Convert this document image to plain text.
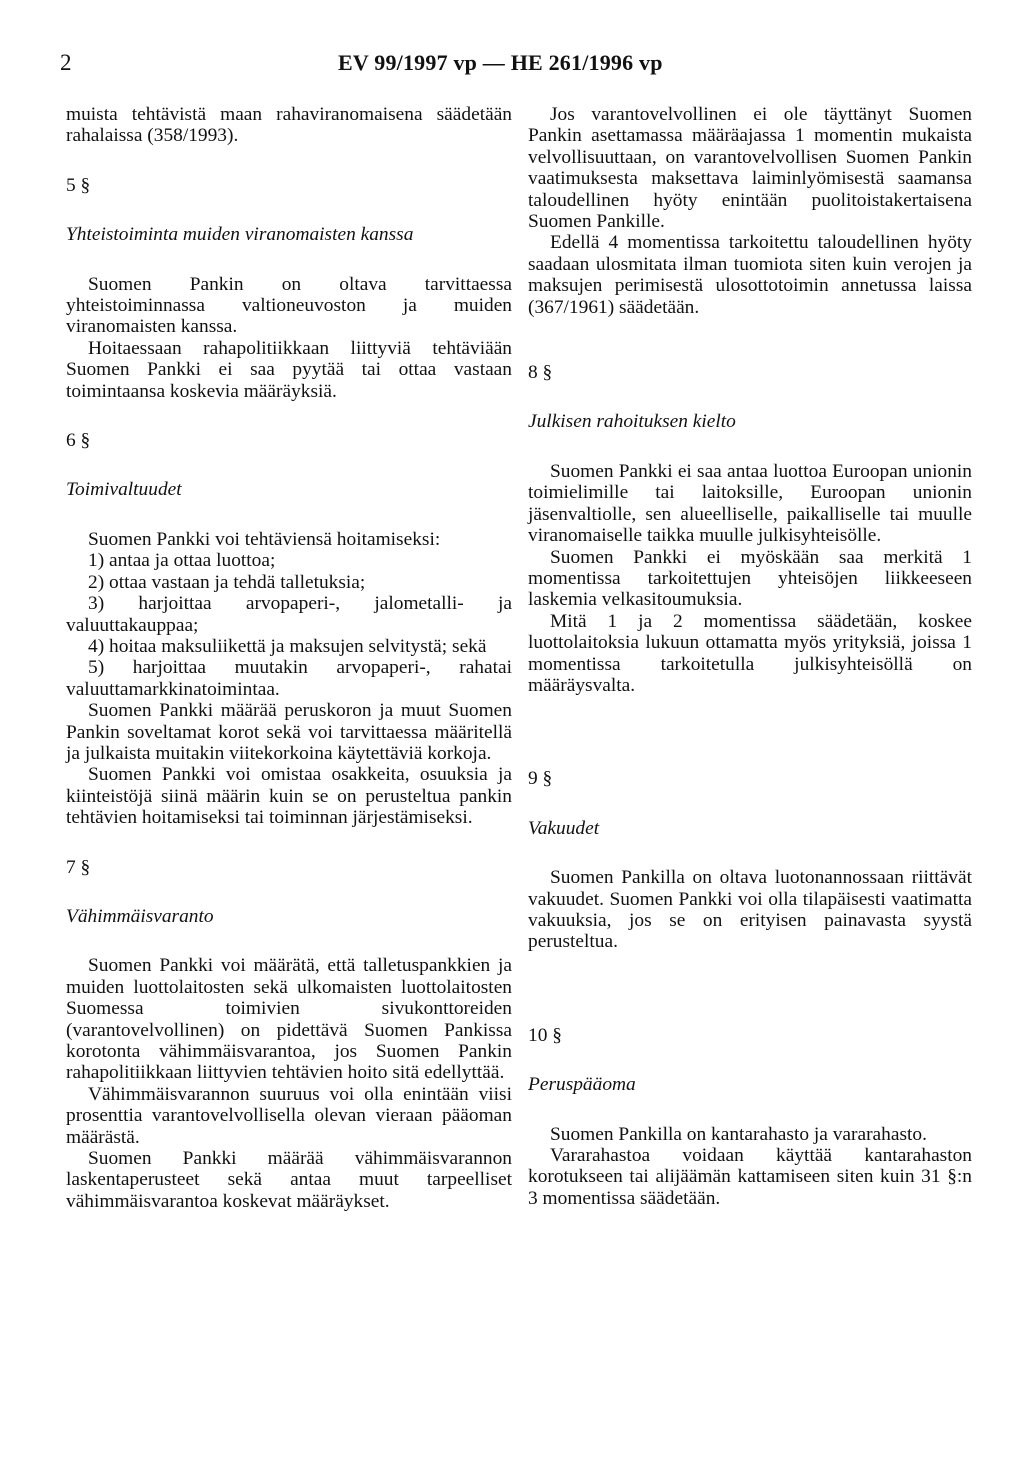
2	EV 99/1997 vp — HE 261/1996 vp

muista tehtävistä maan rahaviranomaisena säädetään rahalaissa (358/1993).

5 §

Yhteistoiminta muiden viranomaisten kanssa

Suomen Pankin on oltava tarvittaessa yhteistoiminnassa valtioneuvoston ja muiden viranomaisten kanssa.

Hoitaessaan rahapolitiikkaan liittyviä tehtäviään Suomen Pankki ei saa pyytää tai ottaa vastaan toimintaansa koskevia määräyksiä.

6 §

Toimivaltuudet

Suomen Pankki voi tehtäviensä hoitamiseksi:

1) antaa ja ottaa luottoa;

2) ottaa vastaan ja tehdä talletuksia;

3) harjoittaa arvopaperi-, jalometalli- ja valuuttakauppaa;

4) hoitaa maksuliikettä ja maksujen selvitystä; sekä

5) harjoittaa muutakin arvopaperi-, rahatai valuuttamarkkinatoimintaa.

Suomen Pankki määrää peruskoron ja muut Suomen Pankin soveltamat korot sekä voi tarvittaessa määritellä ja julkaista muitakin viitekorkoina käytettäviä korkoja.

Suomen Pankki voi omistaa osakkeita, osuuksia ja kiinteistöjä siinä määrin kuin se on perusteltua pankin tehtävien hoitamiseksi tai toiminnan järjestämiseksi.

7 §

Vähimmäisvaranto

Suomen Pankki voi määrätä, että talletuspankkien ja muiden luottolaitosten sekä ulkomaisten luottolaitosten Suomessa toimivien sivukonttoreiden (varantovelvollinen) on pidettävä Suomen Pankissa korotonta vähimmäisvarantoa, jos Suomen Pankin rahapolitiikkaan liittyvien tehtävien hoito sitä edellyttää.

Vähimmäisvarannon suuruus voi olla enintään viisi prosenttia varantovelvollisella olevan vieraan pääoman määrästä.

Suomen Pankki määrää vähimmäisvarannon laskentaperusteet sekä antaa muut tarpeelliset vähimmäisvarantoa koskevat määräykset.

Jos varantovelvollinen ei ole täyttänyt Suomen Pankin asettamassa määräajassa 1 momentin mukaista velvollisuuttaan, on varantovelvollisen Suomen Pankin vaatimuksesta maksettava laiminlyömisestä saamansa taloudellinen hyöty enintään puolitoistakertaisena Suomen Pankille.

Edellä 4 momentissa tarkoitettu taloudellinen hyöty saadaan ulosmitata ilman tuomiota siten kuin verojen ja maksujen perimisestä ulosottotoimin annetussa laissa (367/1961) säädetään.

8 §

Julkisen rahoituksen kielto

Suomen Pankki ei saa antaa luottoa Euroopan unionin toimielimille tai laitoksille, Euroopan unionin jäsenvaltiolle, sen alueelliselle, paikalliselle tai muulle viranomaiselle taikka muulle julkisyhteisölle.

Suomen Pankki ei myöskään saa merkitä 1 momentissa tarkoitettujen yhteisöjen liikkeeseen laskemia velkasitoumuksia.

Mitä 1 ja 2 momentissa säädetään, koskee luottolaitoksia lukuun ottamatta myös yrityksiä, joissa 1 momentissa tarkoitetulla julkisyhteisöllä on määräysvalta.

9 §

Vakuudet

Suomen Pankilla on oltava luotonannossaan riittävät vakuudet. Suomen Pankki voi olla tilapäisesti vaatimatta vakuuksia, jos se on erityisen painavasta syystä perusteltua.

10 §

Peruspääoma

Suomen Pankilla on kantarahasto ja vararahasto.

Vararahastoa voidaan käyttää kantarahaston korotukseen tai alijäämän kattamiseen siten kuin 31 §:n 3 momentissa säädetään.
